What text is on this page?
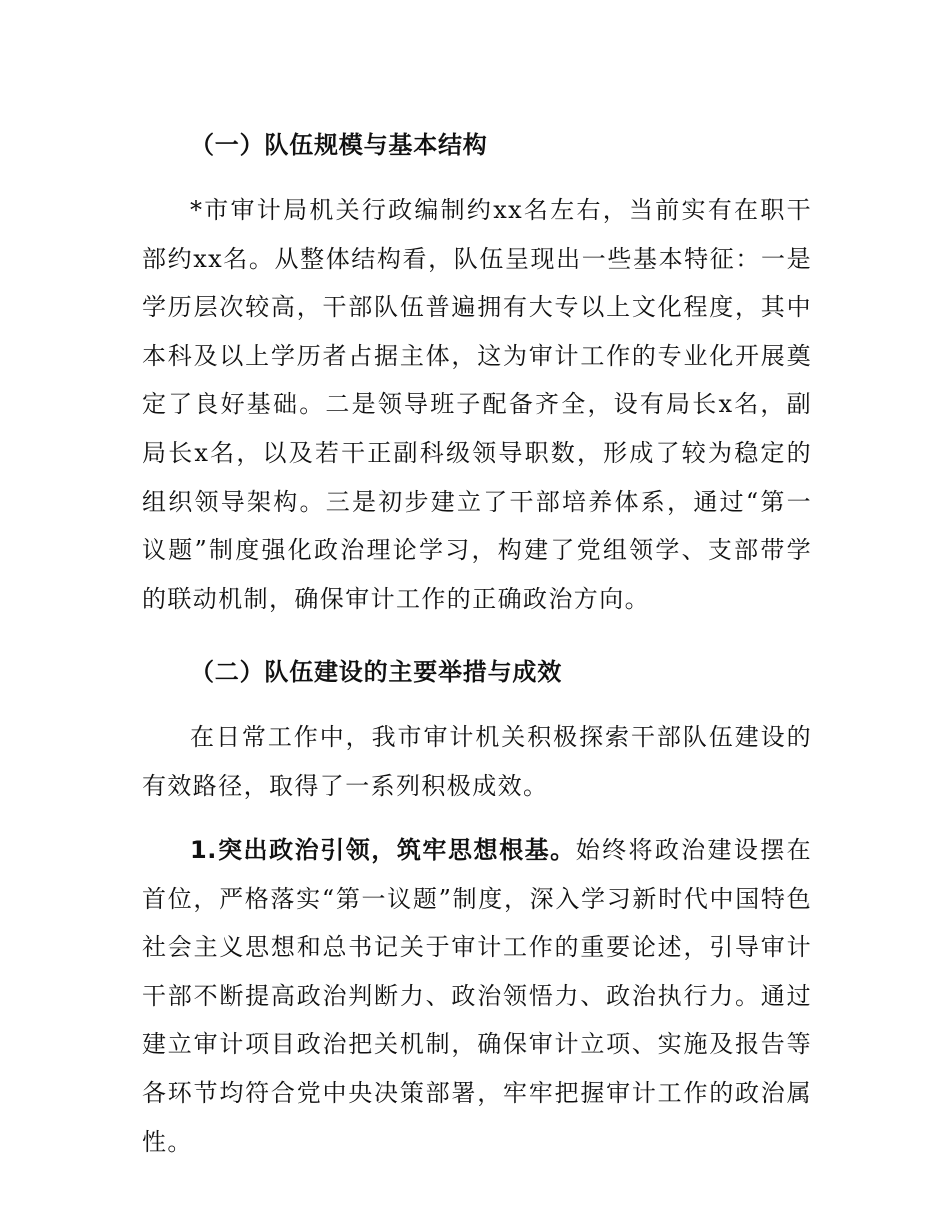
（一）队伍规模与基本结构
*市审计局机关行政编制约xx名左右，当前实有在职干部约xx名。从整体结构看，队伍呈现出一些基本特征：一是学历层次较高，干部队伍普遍拥有大专以上文化程度，其中本科及以上学历者占据主体，这为审计工作的专业化开展奠定了良好基础。二是领导班子配备齐全，设有局长x名，副局长x名，以及若干正副科级领导职数，形成了较为稳定的组织领导架构。三是初步建立了干部培养体系，通过“第一议题”制度强化政治理论学习，构建了党组领学、支部带学的联动机制，确保审计工作的正确政治方向。
（二）队伍建设的主要举措与成效
在日常工作中，我市审计机关积极探索干部队伍建设的有效路径，取得了一系列积极成效。
1.突出政治引领，筑牢思想根基。始终将政治建设摆在首位，严格落实“第一议题”制度，深入学习新时代中国特色社会主义思想和总书记关于审计工作的重要论述，引导审计干部不断提高政治判断力、政治领悟力、政治执行力。通过建立审计项目政治把关机制，确保审计立项、实施及报告等各环节均符合党中央决策部署，牢牢把握审计工作的政治属性。
